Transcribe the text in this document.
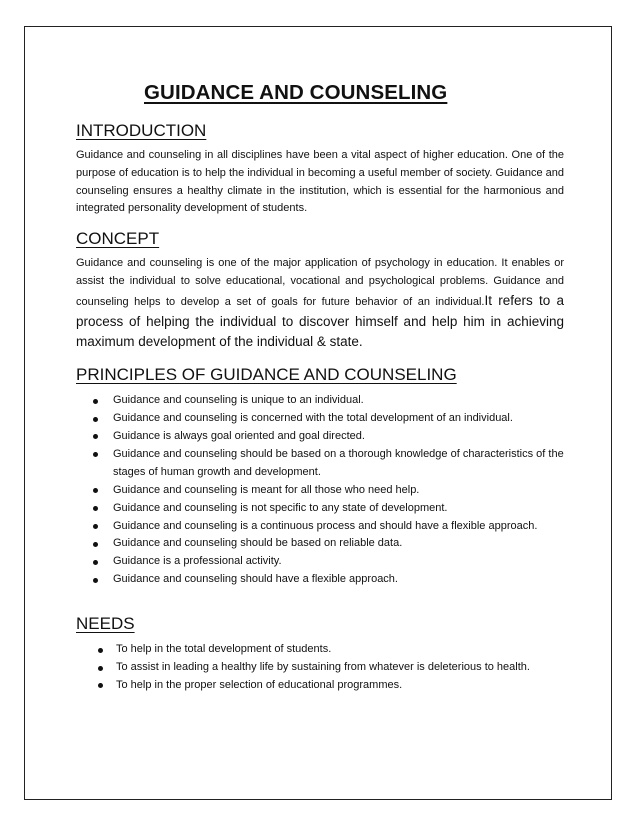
GUIDANCE AND COUNSELING
INTRODUCTION

Guidance and counseling in all disciplines have been a vital aspect of higher education. One of the purpose of education is to help the individual in becoming a useful member of society. Guidance and counseling ensures a healthy climate in the institution, which is essential for the harmonious and integrated personality development of students.

CONCEPT

Guidance and counseling is one of the major application of psychology in education. It enables or assist the individual to solve educational, vocational and psychological problems. Guidance and counseling helps to develop a set of goals for future behavior of an individual.It refers to a process of helping the individual to discover himself and help him in achieving maximum development of the individual & state.

PRINCIPLES OF GUIDANCE AND COUNSELING
Guidance and counseling is unique to an individual.
Guidance and counseling is concerned with the total development of an individual.
Guidance is always goal oriented and goal directed.
Guidance and counseling should be based on a thorough knowledge of characteristics of the stages of human growth and development.
Guidance and counseling is meant for all those who need help.
Guidance and counseling is not specific to any state of development.
Guidance and counseling is a continuous process and should have a flexible approach.
Guidance and counseling should be based on reliable data.
Guidance is a professional activity.
Guidance and counseling should have a flexible approach.
NEEDS
To help in the total development of students.
To assist in leading a healthy life by sustaining from whatever is deleterious to health.
To help in the proper selection of educational programmes.
